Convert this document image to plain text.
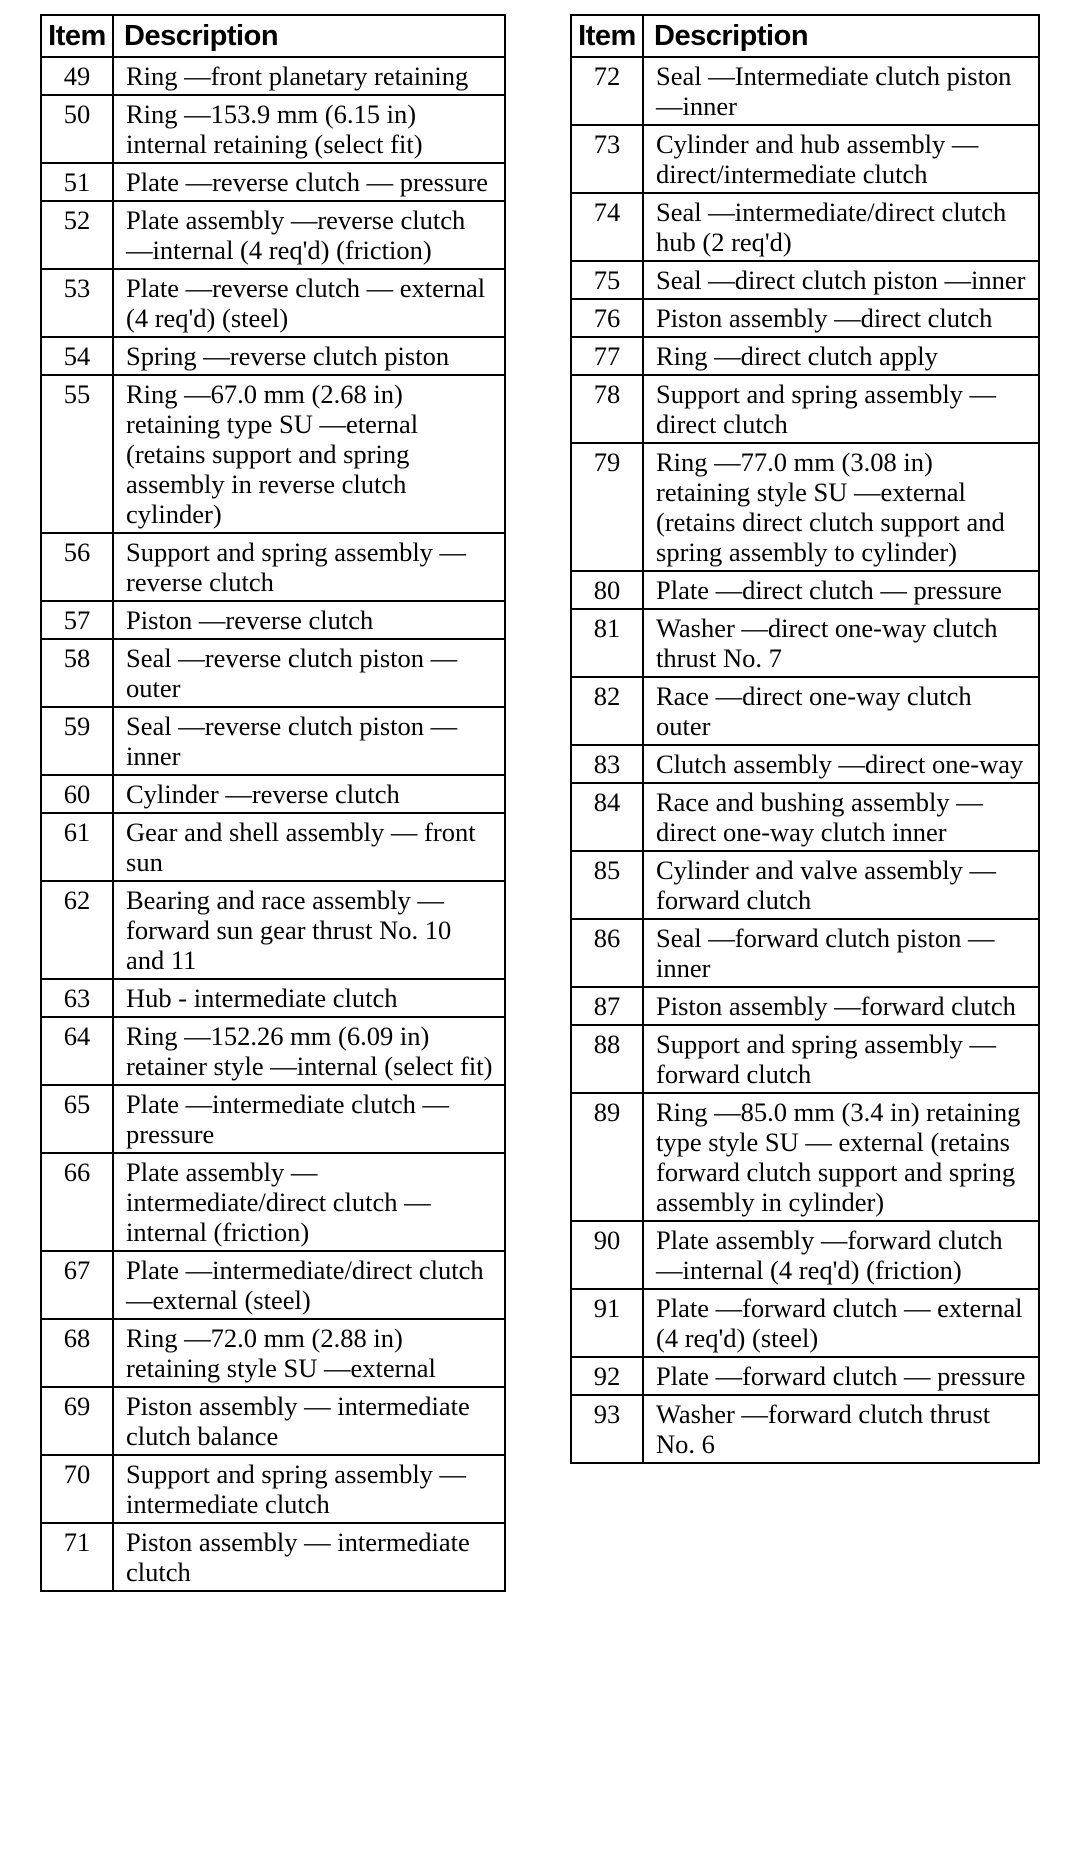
Item	Description
49	Ring —front planetary retaining
50	Ring —153.9 mm (6.15 in) internal retaining (select fit)
51	Plate —reverse clutch — pressure
52	Plate assembly —reverse clutch —internal (4 req'd) (friction)
53	Plate —reverse clutch — external (4 req'd) (steel)
54	Spring —reverse clutch piston
55	Ring —67.0 mm (2.68 in) retaining type SU —eternal (retains support and spring assembly in reverse clutch cylinder)
56	Support and spring assembly —reverse clutch
57	Piston —reverse clutch
58	Seal —reverse clutch piston —outer
59	Seal —reverse clutch piston —inner
60	Cylinder —reverse clutch
61	Gear and shell assembly — front sun
62	Bearing and race assembly — forward sun gear thrust No. 10 and 11
63	Hub - intermediate clutch
64	Ring —152.26 mm (6.09 in) retainer style —internal (select fit)
65	Plate —intermediate clutch —pressure
66	Plate assembly — intermediate/direct clutch — internal (friction)
67	Plate —intermediate/direct clutch —external (steel)
68	Ring —72.0 mm (2.88 in) retaining style SU —external
69	Piston assembly — intermediate clutch balance
70	Support and spring assembly —intermediate clutch
71	Piston assembly — intermediate clutch
Item	Description
72	Seal —Intermediate clutch piston —inner
73	Cylinder and hub assembly —direct/intermediate clutch
74	Seal —intermediate/direct clutch hub (2 req'd)
75	Seal —direct clutch piston —inner
76	Piston assembly —direct clutch
77	Ring —direct clutch apply
78	Support and spring assembly —direct clutch
79	Ring —77.0 mm (3.08 in) retaining style SU —external (retains direct clutch support and spring assembly to cylinder)
80	Plate —direct clutch — pressure
81	Washer —direct one-way clutch thrust No. 7
82	Race —direct one-way clutch outer
83	Clutch assembly —direct one-way
84	Race and bushing assembly —direct one-way clutch inner
85	Cylinder and valve assembly —forward clutch
86	Seal —forward clutch piston —inner
87	Piston assembly —forward clutch
88	Support and spring assembly —forward clutch
89	Ring —85.0 mm (3.4 in) retaining type style SU — external (retains forward clutch support and spring assembly in cylinder)
90	Plate assembly —forward clutch —internal (4 req'd) (friction)
91	Plate —forward clutch — external (4 req'd) (steel)
92	Plate —forward clutch — pressure
93	Washer —forward clutch thrust No. 6
